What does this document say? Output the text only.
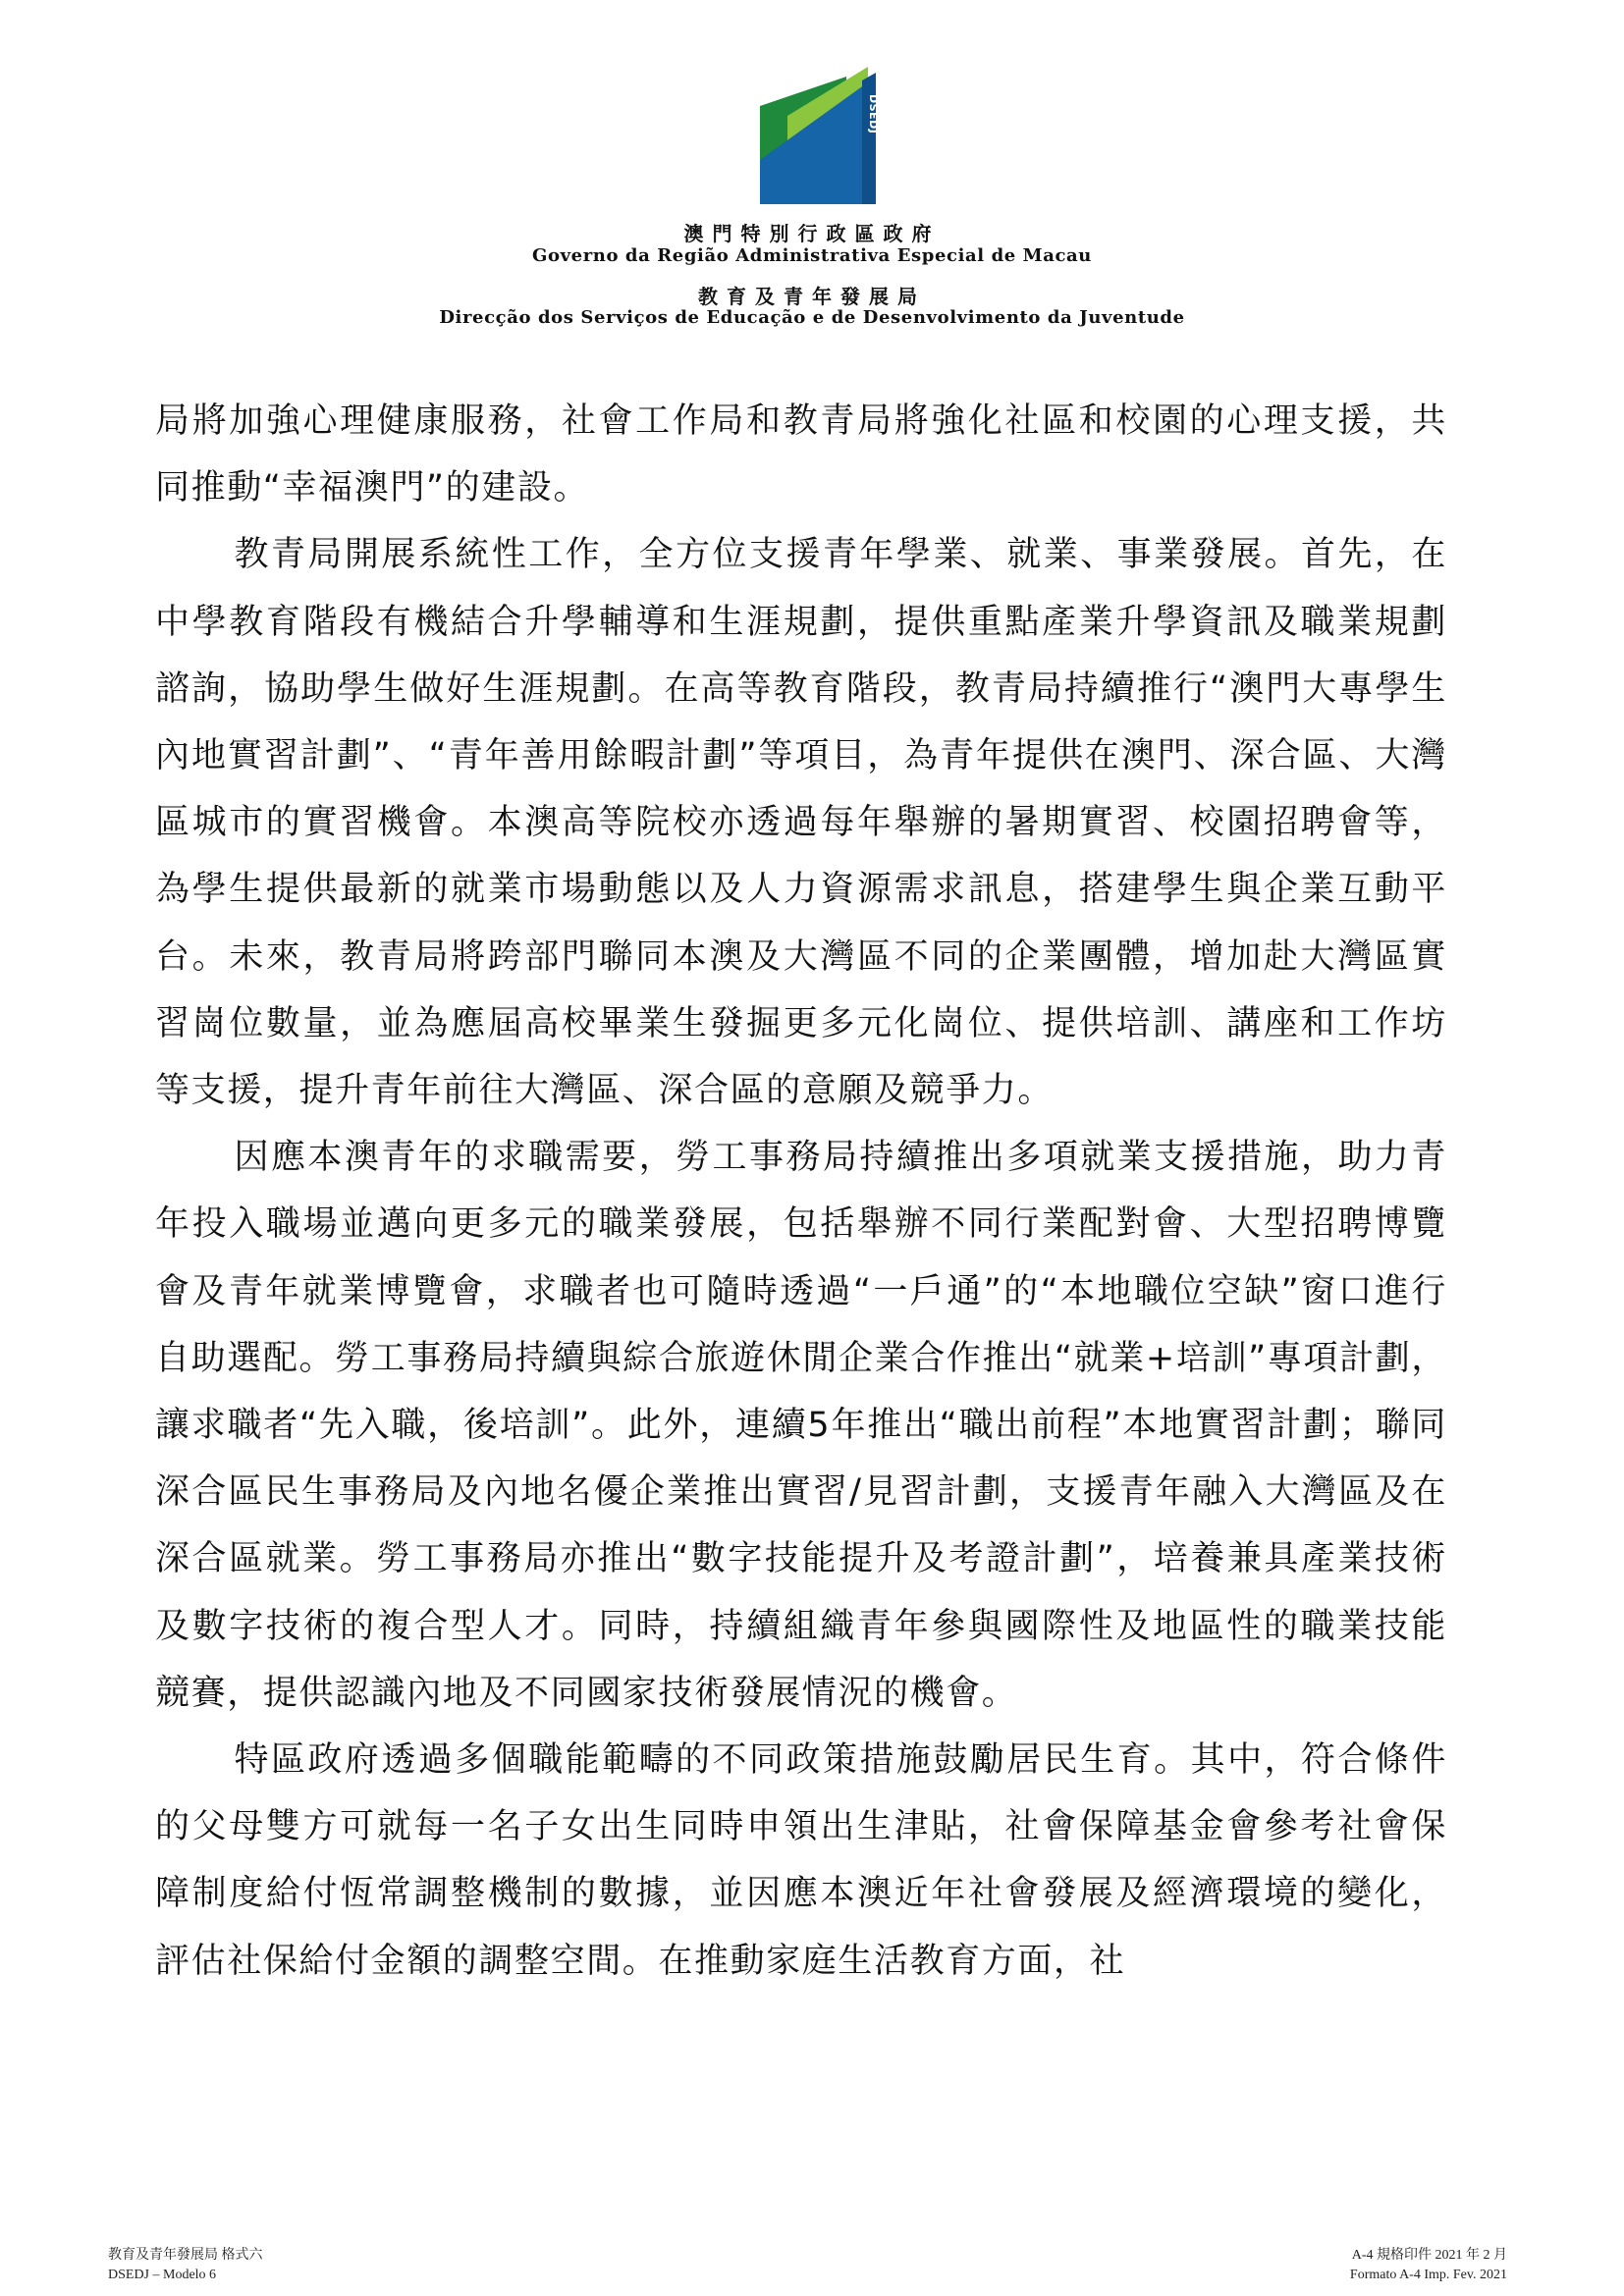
DSEDJ
澳門特別行政區政府
Governo da Região Administrativa Especial de Macau
教育及青年發展局
Direcção dos Serviços de Educação e de Desenvolvimento da Juventude

局將加強心理健康服務，社會工作局和教青局將強化社區和校園的心理支援，共同推動“幸福澳門”的建設。

教青局開展系統性工作，全方位支援青年學業、就業、事業發展。首先，在中學教育階段有機結合升學輔導和生涯規劃，提供重點產業升學資訊及職業規劃諮詢，協助學生做好生涯規劃。在高等教育階段，教青局持續推行“澳門大專學生內地實習計劃”、“青年善用餘暇計劃”等項目，為青年提供在澳門、深合區、大灣區城市的實習機會。本澳高等院校亦透過每年舉辦的暑期實習、校園招聘會等，為學生提供最新的就業市場動態以及人力資源需求訊息，搭建學生與企業互動平台。未來，教青局將跨部門聯同本澳及大灣區不同的企業團體，增加赴大灣區實習崗位數量，並為應屆高校畢業生發掘更多元化崗位、提供培訓、講座和工作坊等支援，提升青年前往大灣區、深合區的意願及競爭力。

因應本澳青年的求職需要，勞工事務局持續推出多項就業支援措施，助力青年投入職場並邁向更多元的職業發展，包括舉辦不同行業配對會、大型招聘博覽會及青年就業博覽會，求職者也可隨時透過“一戶通”的“本地職位空缺”窗口進行自助選配。勞工事務局持續與綜合旅遊休閒企業合作推出“就業+培訓”專項計劃，讓求職者“先入職，後培訓”。此外，連續5年推出“職出前程”本地實習計劃；聯同深合區民生事務局及內地名優企業推出實習/見習計劃，支援青年融入大灣區及在深合區就業。勞工事務局亦推出“數字技能提升及考證計劃”，培養兼具產業技術及數字技術的複合型人才。同時，持續組織青年參與國際性及地區性的職業技能競賽，提供認識內地及不同國家技術發展情況的機會。

特區政府透過多個職能範疇的不同政策措施鼓勵居民生育。其中，符合條件的父母雙方可就每一名子女出生同時申領出生津貼，社會保障基金會參考社會保障制度給付恆常調整機制的數據，並因應本澳近年社會發展及經濟環境的變化，評估社保給付金額的調整空間。在推動家庭生活教育方面，社

教育及青年發展局 格式六
DSEDJ – Modelo 6
A-4 規格印件 2021 年 2 月
Formato A-4 Imp. Fev. 2021
